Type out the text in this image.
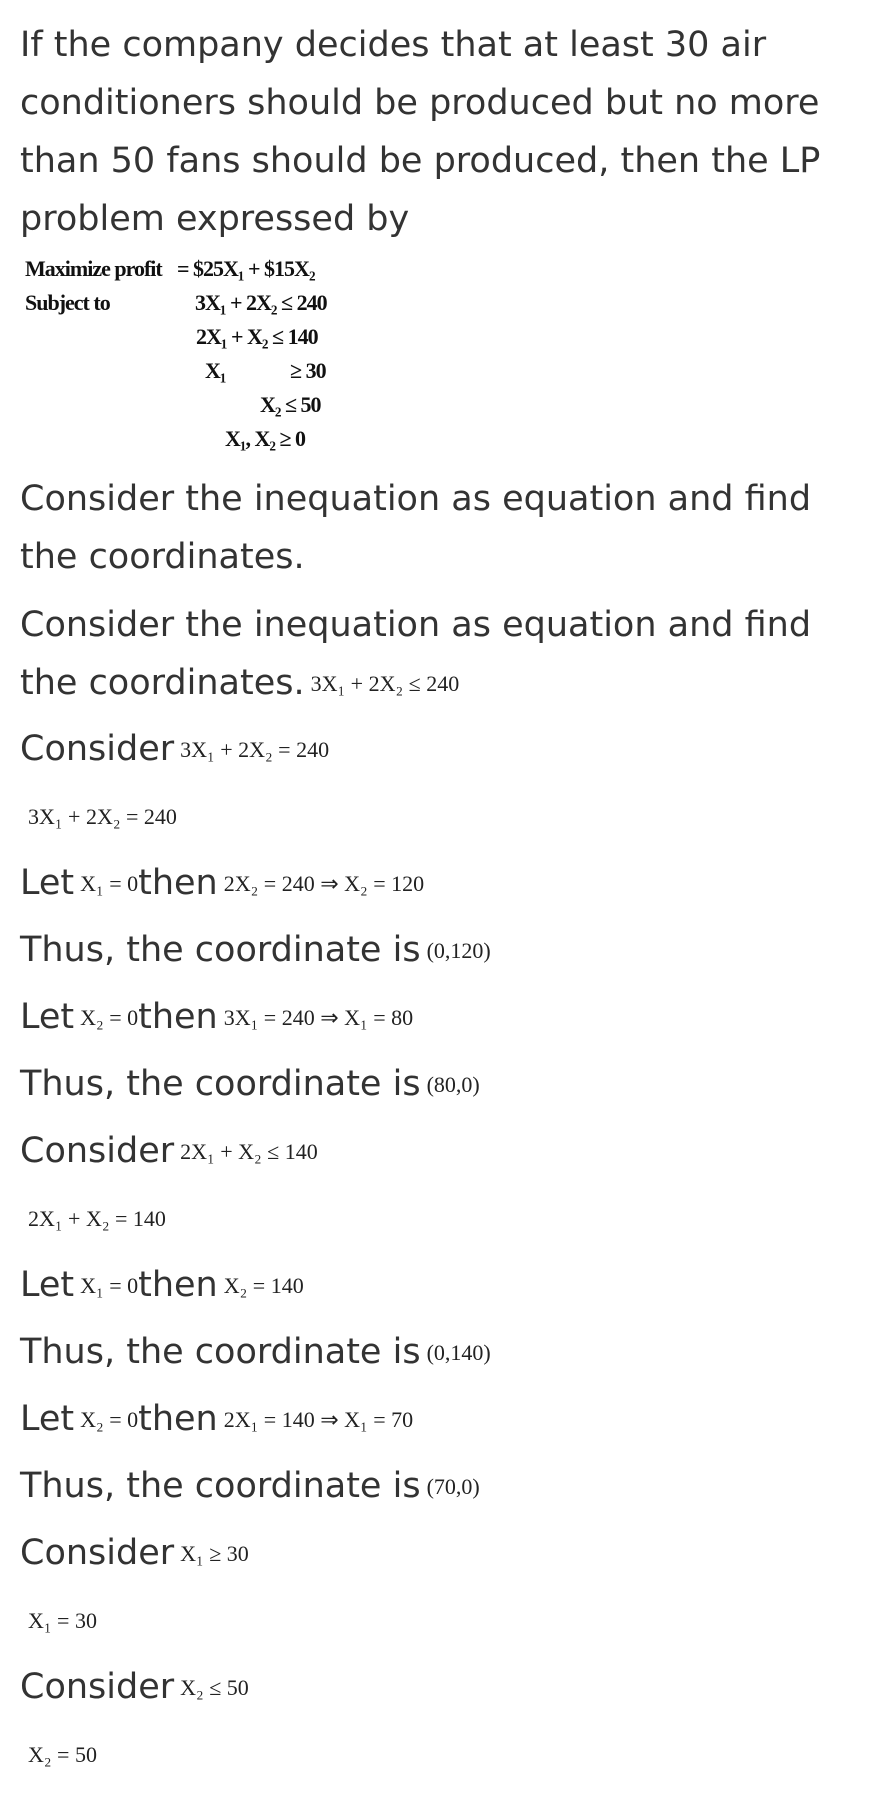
If the company decides that at least 30 air conditioners should be produced but no more than 50 fans should be produced, then the LP problem expressed by
Maximize profit = $25X₁ + $15X₂
Subject to	3X₁ + 2X₂ ≤ 240
2X₁ + X₂ ≤ 140
X₁	≥ 30
X₂ ≤ 50
X₁, X₂ ≥ 0
Consider the inequation as equation and find the coordinates.
Consider the inequation as equation and find the coordinates. 3X₁ + 2X₂ ≤ 240
Consider 3X₁ + 2X₂ = 240
3X₁ + 2X₂ = 240
Let X₁ = 0then 2X₂ = 240 ⇒ X₂ = 120
Thus, the coordinate is (0,120)
Let X₂ = 0then 3X₁ = 240 ⇒ X₁ = 80
Thus, the coordinate is (80,0)
Consider 2X₁ + X₂ ≤ 140
2X₁ + X₂ = 140
Let X₁ = 0then X₂ = 140
Thus, the coordinate is (0,140)
Let X₂ = 0then 2X₁ = 140 ⇒ X₁ = 70
Thus, the coordinate is (70,0)
Consider X₁ ≥ 30
X₁ = 30
Consider X₂ ≤ 50
X₂ = 50
